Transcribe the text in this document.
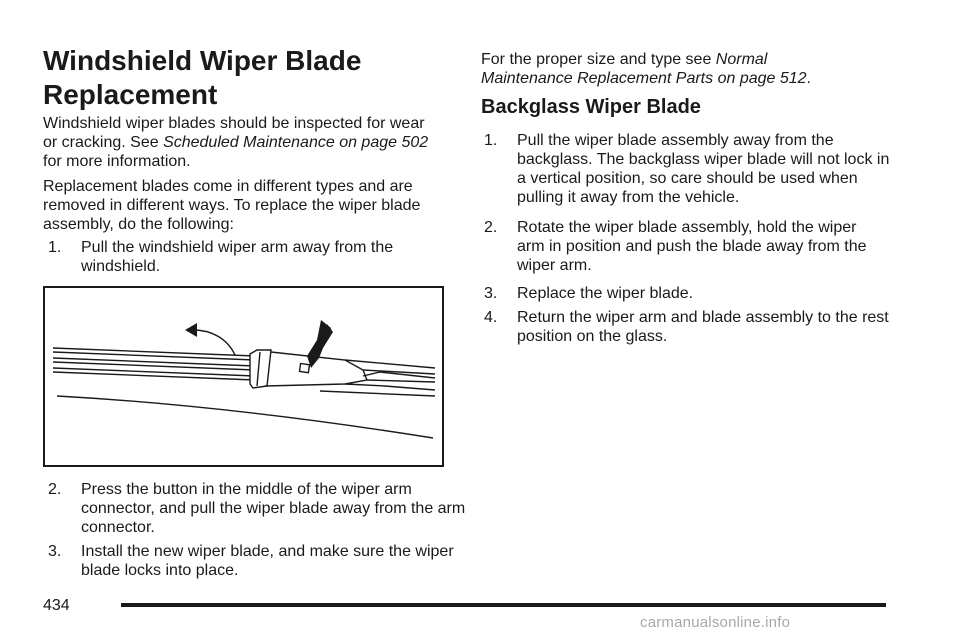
Windshield Wiper Blade Replacement

Windshield wiper blades should be inspected for wear or cracking. See Scheduled Maintenance on page 502 for more information.

Replacement blades come in different types and are removed in different ways. To replace the wiper blade assembly, do the following:

1. Pull the windshield wiper arm away from the windshield.
2. Press the button in the middle of the wiper arm connector, and pull the wiper blade away from the arm connector.
3. Install the new wiper blade, and make sure the wiper blade locks into place.

For the proper size and type see Normal Maintenance Replacement Parts on page 512.

Backglass Wiper Blade
1. Pull the wiper blade assembly away from the backglass. The backglass wiper blade will not lock in a vertical position, so care should be used when pulling it away from the vehicle.
2. Rotate the wiper blade assembly, hold the wiper arm in position and push the blade away from the wiper arm.
3. Replace the wiper blade.
4. Return the wiper arm and blade assembly to the rest position on the glass.
434
carmanualsonline.info
